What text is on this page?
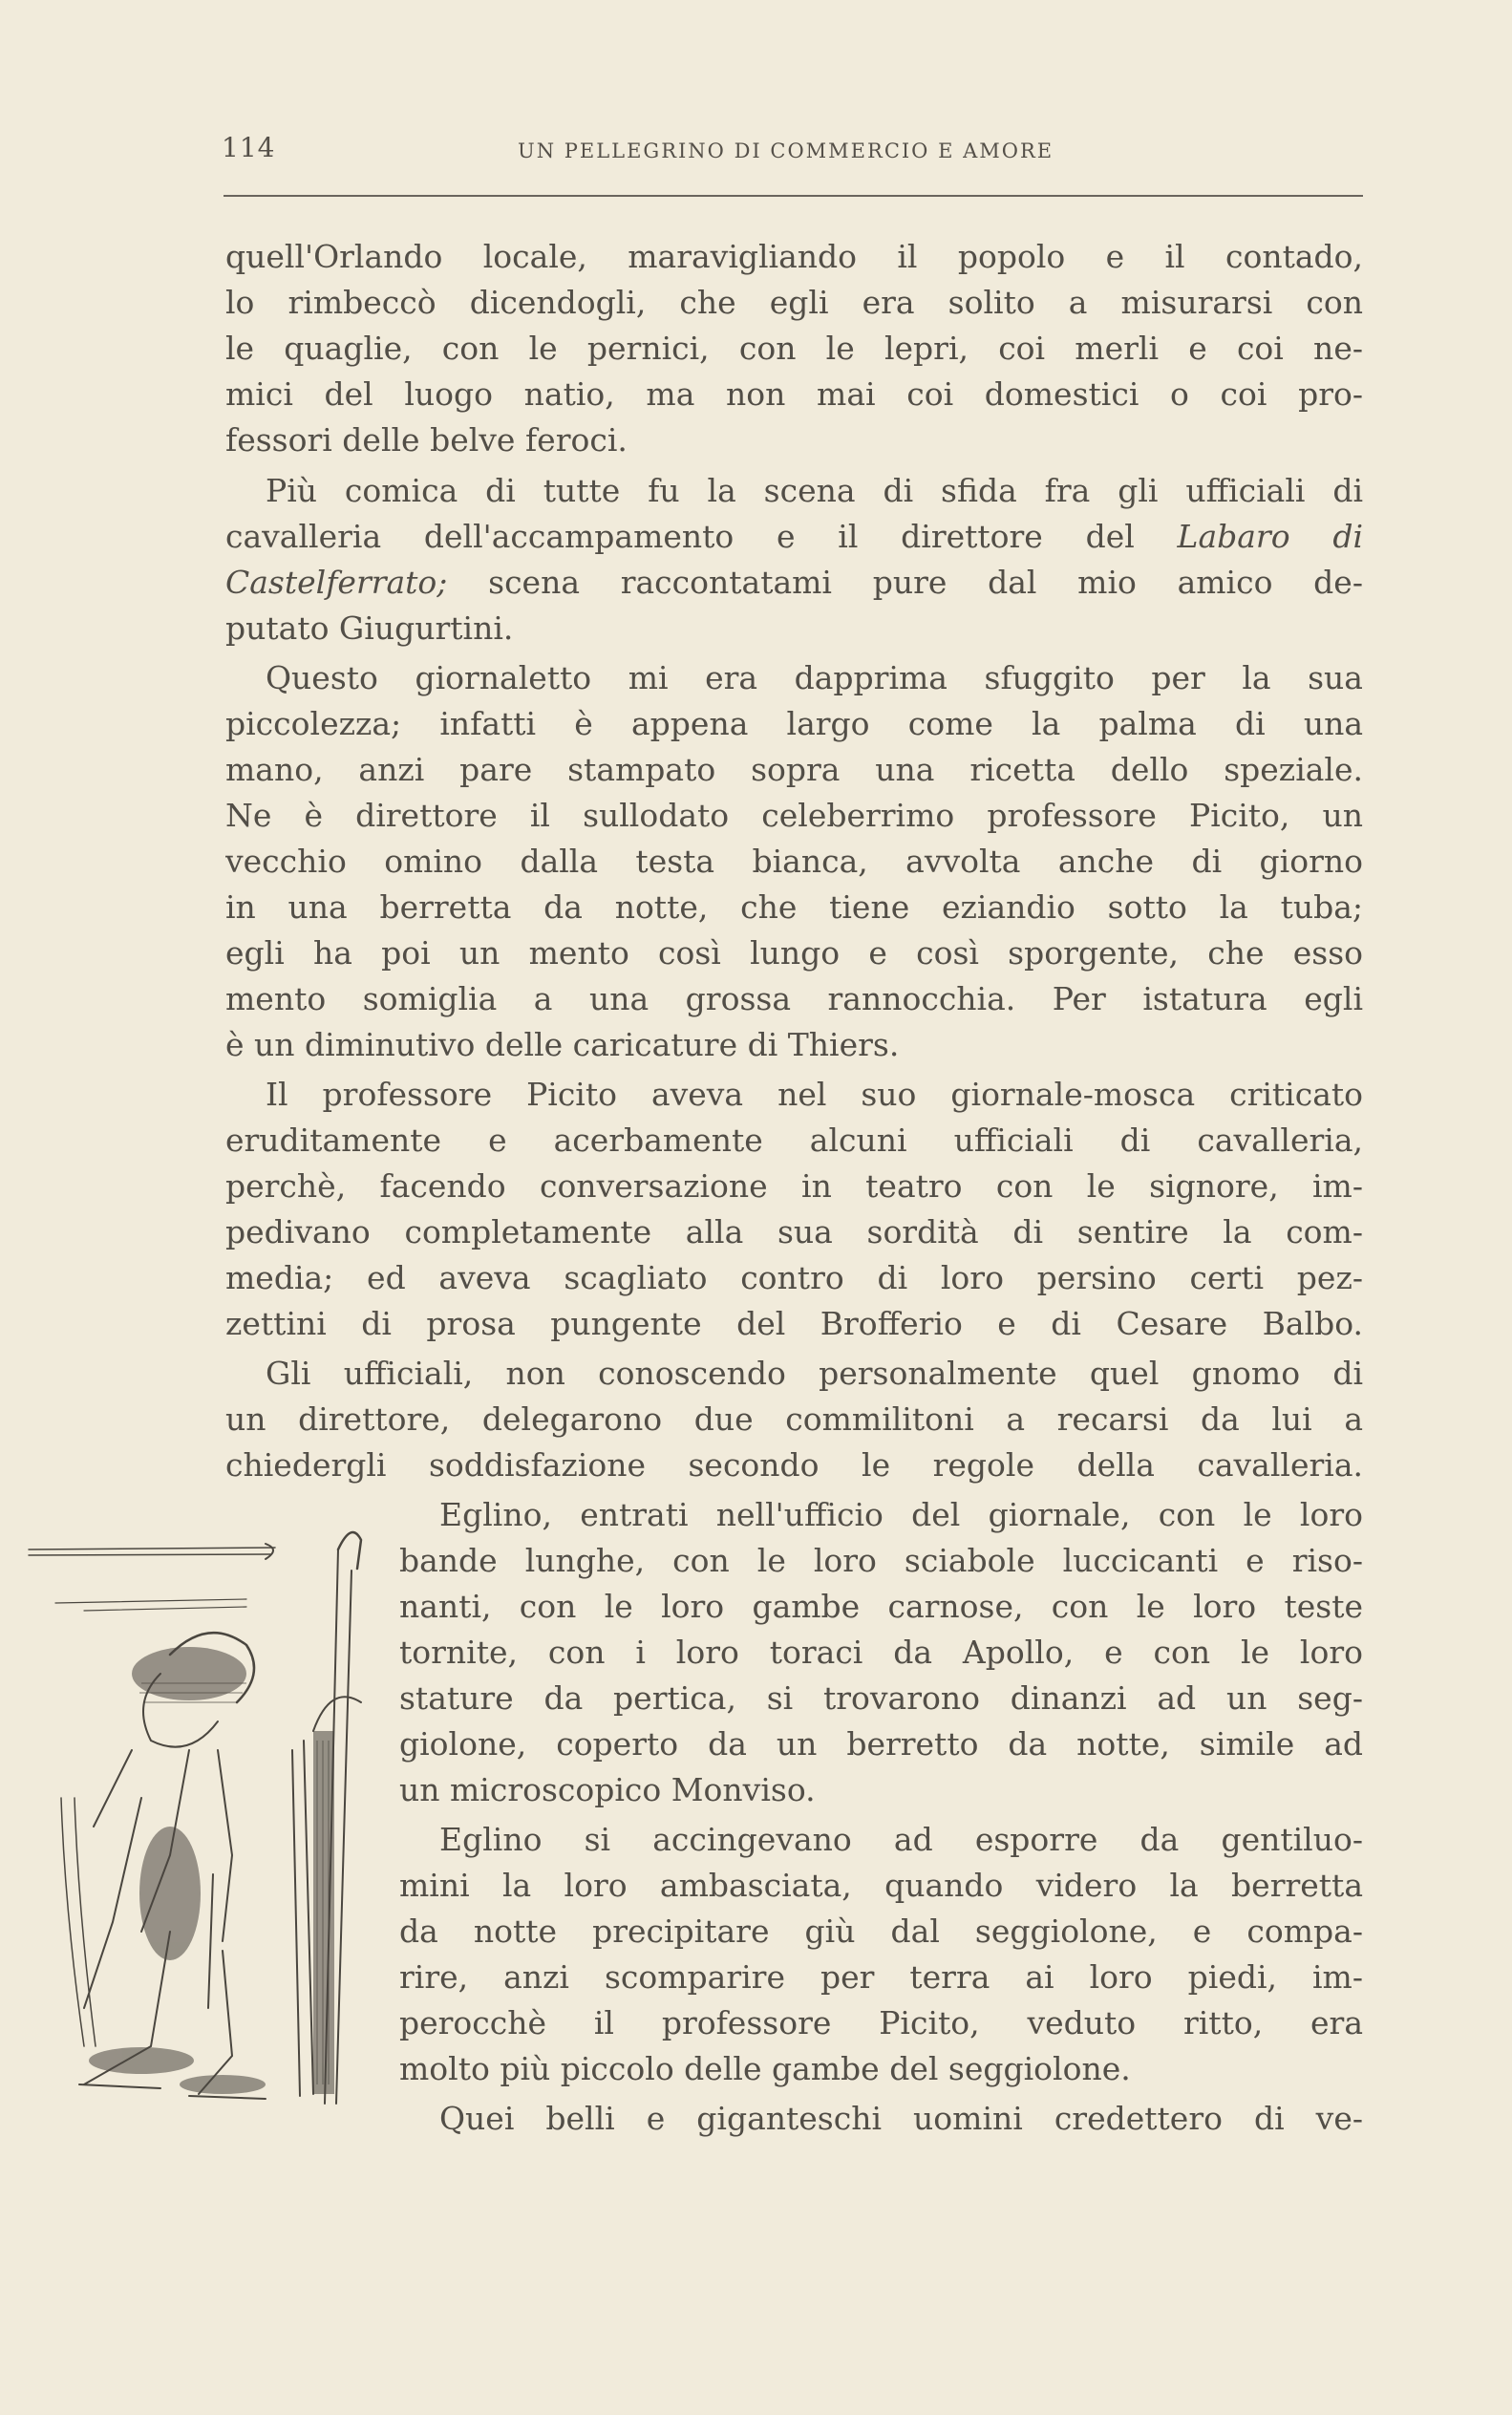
114	UN PELLEGRINO DI COMMERCIO E AMORE
quell'Orlando locale, maravigliando il popolo e il contado,
lo rimbeccò dicendogli, che egli era solito a misurarsi con
le quaglie, con le pernici, con le lepri, coi merli e coi ne-
mici del luogo natio, ma non mai coi domestici o coi pro-
fessori delle belve feroci.
Più comica di tutte fu la scena di sfida fra gli ufficiali di
cavalleria dell'accampamento e il direttore del Labaro di
Castelferrato; scena raccontatami pure dal mio amico de-
putato Giugurtini.
Questo giornaletto mi era dapprima sfuggito per la sua
piccolezza; infatti è appena largo come la palma di una
mano, anzi pare stampato sopra una ricetta dello speziale.
Ne è direttore il sullodato celeberrimo professore Picito, un
vecchio omino dalla testa bianca, avvolta anche di giorno
in una berretta da notte, che tiene eziandio sotto la tuba;
egli ha poi un mento così lungo e così sporgente, che esso
mento somiglia a una grossa rannocchia. Per istatura egli
è un diminutivo delle caricature di Thiers.
Il professore Picito aveva nel suo giornale-mosca criticato
eruditamente e acerbamente alcuni ufficiali di cavalleria,
perchè, facendo conversazione in teatro con le signore, im-
pedivano completamente alla sua sordità di sentire la com-
media; ed aveva scagliato contro di loro persino certi pez-
zettini di prosa pungente del Brofferio e di Cesare Balbo.
Gli ufficiali, non conoscendo personalmente quel gnomo di
un direttore, delegarono due commilitoni a recarsi da lui a
chiedergli soddisfazione secondo le regole della cavalleria.
Eglino, entrati nell'ufficio del giornale, con le loro
bande lunghe, con le loro sciabole luccicanti e riso-
nanti, con le loro gambe carnose, con le loro teste
tornite, con i loro toraci da Apollo, e con le loro
stature da pertica, si trovarono dinanzi ad un seg-
giolone, coperto da un berretto da notte, simile ad
un microscopico Monviso.
Eglino si accingevano ad esporre da gentiluo-
mini la loro ambasciata, quando videro la berretta
da notte precipitare giù dal seggiolone, e compa-
rire, anzi scomparire per terra ai loro piedi, im-
perocchè il professore Picito, veduto ritto, era
molto più piccolo delle gambe del seggiolone.
Quei belli e giganteschi uomini credettero di ve-
